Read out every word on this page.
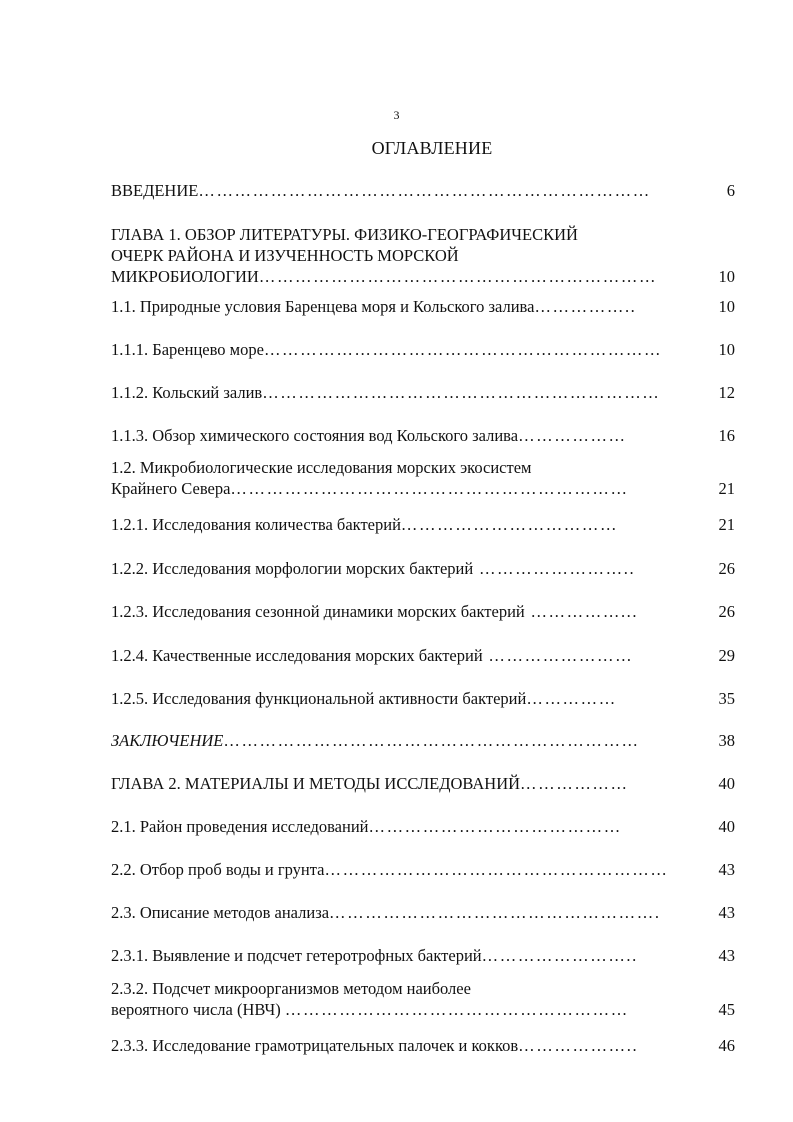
3
ОГЛАВЛЕНИЕ
ВВЕДЕНИЕ…………………………………………………………………	6
ГЛАВА 1. ОБЗОР ЛИТЕРАТУРЫ. ФИЗИКО-ГЕОГРАФИЧЕСКИЙ
ОЧЕРК РАЙОНА И ИЗУЧЕННОСТЬ МОРСКОЙ
МИКРОБИОЛОГИИ…………………………………………………………	10
1.1. Природные условия Баренцева моря и Кольского залива……………..	10
1.1.1. Баренцево море…………………………………………………………	10
1.1.2. Кольский залив…………………………………………………………	12
1.1.3. Обзор химического состояния вод Кольского залива………………	16
1.2. Микробиологические исследования морских экосистем
Крайнего Севера…………………………………………………………	21
1.2.1. Исследования количества бактерий………………………………	21
1.2.2. Исследования морфологии морских бактерий ……………………..	26
1.2.3. Исследования сезонной динамики морских бактерий ……………...	26
1.2.4. Качественные исследования морских бактерий ……………………	29
1.2.5. Исследования функциональной активности бактерий……………	35
ЗАКЛЮЧЕНИЕ……………………………………………………………	38
ГЛАВА 2. МАТЕРИАЛЫ И МЕТОДЫ ИССЛЕДОВАНИЙ………………	40
2.1. Район проведения исследований……………………………………	40
2.2. Отбор проб воды и грунта…………………………………………………	43
2.3. Описание методов анализа……………………………………………….	43
2.3.1. Выявление и подсчет гетеротрофных бактерий……………………..	43
2.3.2. Подсчет микроорганизмов методом наиболее
вероятного числа (НВЧ) …………………………………………………	45
2.3.3. Исследование грамотрицательных палочек и кокков………………..	46
